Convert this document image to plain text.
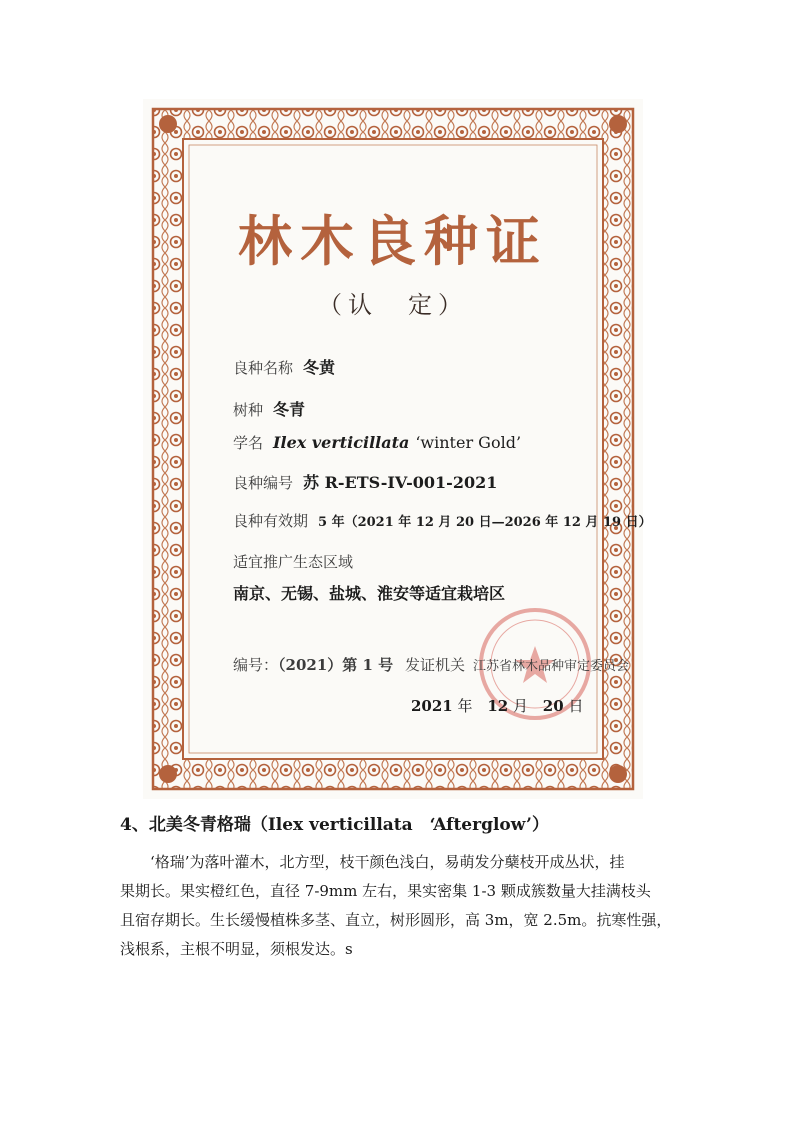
林木良种证
（认　定）
良种名称 冬黄
树种 冬青
学名 Ilex verticillata ‘winter Gold’
良种编号 苏 R-ETS-IV-001-2021
良种有效期 5 年（2021 年 12 月 20 日—2026 年 12 月 19 日）
适宜推广生态区域
南京、无锡、盐城、淮安等适宜栽培区
编号：（2021）第 1 号 发证机关 江苏省林木品种审定委员会
2021 年 12 月 20 日
4、北美冬青格瑞（Ilex verticillata　‘Afterglow’）
　　‘格瑞’为落叶灌木，北方型，枝干颜色浅白，易萌发分蘖枝开成丛状，挂
果期长。果实橙红色，直径 7-9mm 左右，果实密集 1-3 颗成簇数量大挂满枝头
且宿存期长。生长缓慢植株多茎、直立，树形圆形，高 3m，宽 2.5m。抗寒性强，
浅根系，主根不明显，须根发达。s
